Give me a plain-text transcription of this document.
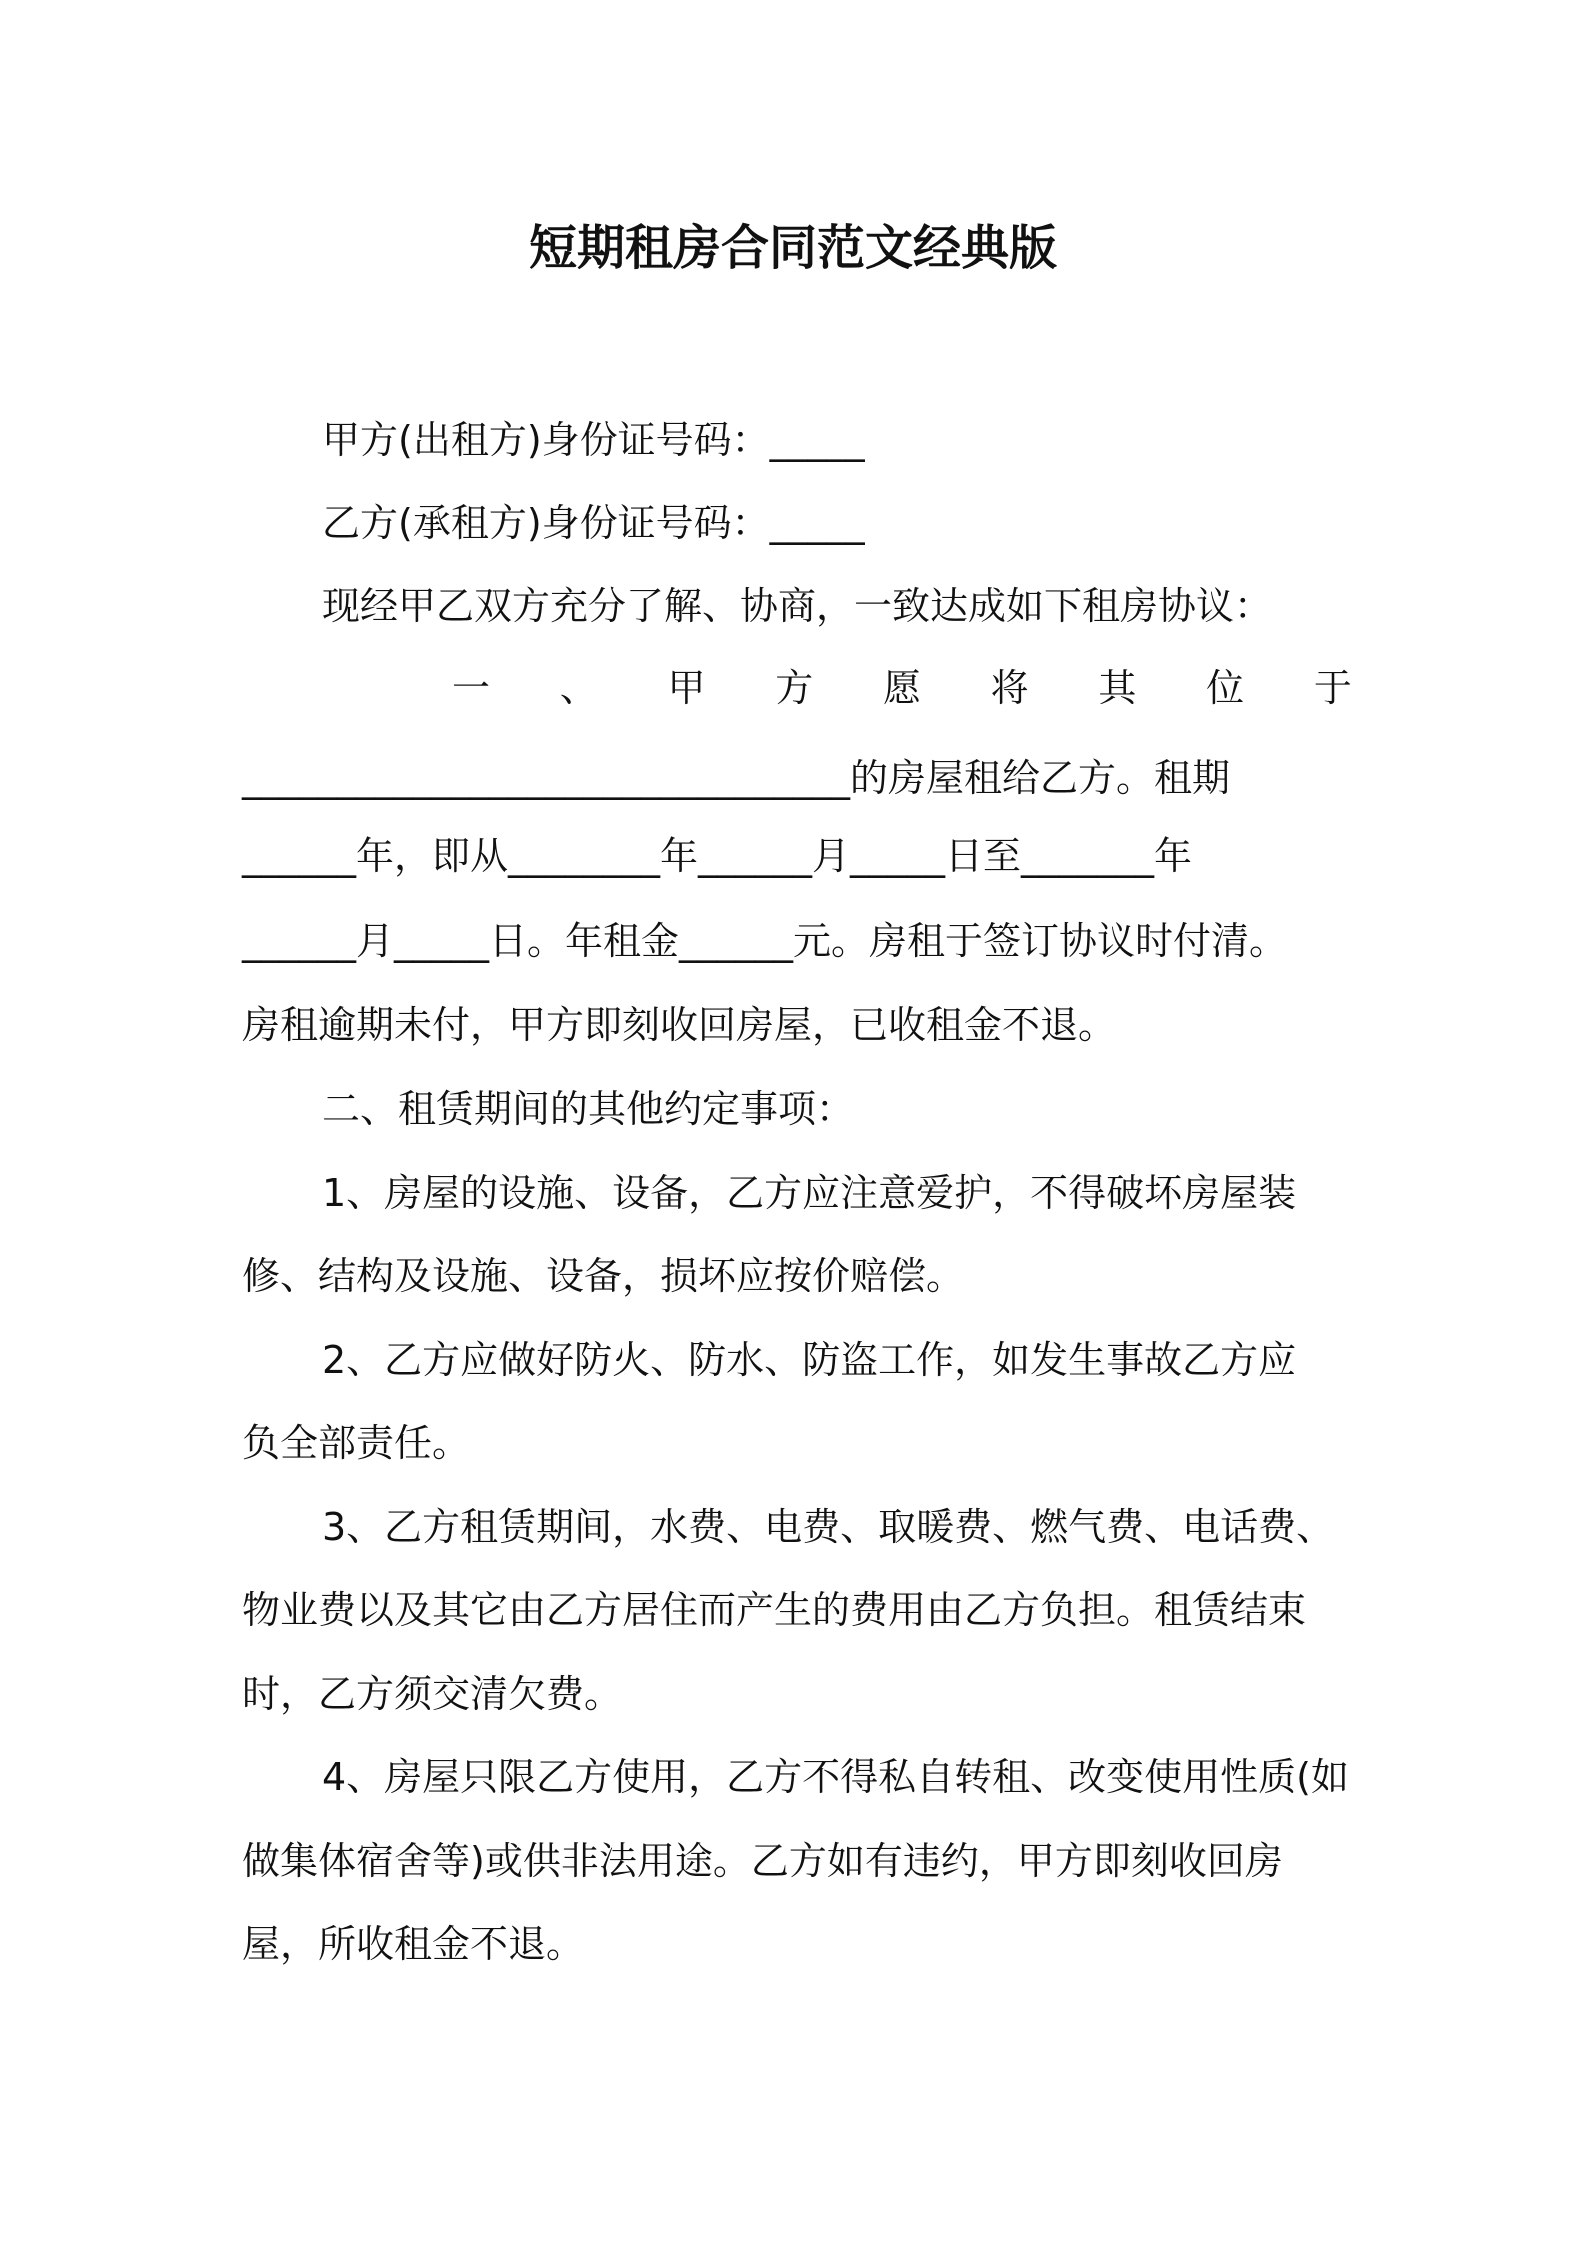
短期租房合同范文经典版

甲方(出租方)身份证号码：_____

乙方(承租方)身份证号码：_____

现经甲乙双方充分了解、协商，一致达成如下租房协议：

一 、 甲 方 愿 将 其 位 于

________________________________的房屋租给乙方。租期

______年，即从________年______月_____日至_______年

______月_____日。年租金______元。房租于签订协议时付清。

房租逾期未付，甲方即刻收回房屋，已收租金不退。

二、租赁期间的其他约定事项：

1、房屋的设施、设备，乙方应注意爱护，不得破坏房屋装

修、结构及设施、设备，损坏应按价赔偿。

2、乙方应做好防火、防水、防盗工作，如发生事故乙方应

负全部责任。

3、乙方租赁期间，水费、电费、取暖费、燃气费、电话费、

物业费以及其它由乙方居住而产生的费用由乙方负担。租赁结束

时，乙方须交清欠费。

4、房屋只限乙方使用，乙方不得私自转租、改变使用性质(如

做集体宿舍等)或供非法用途。乙方如有违约，甲方即刻收回房

屋，所收租金不退。
